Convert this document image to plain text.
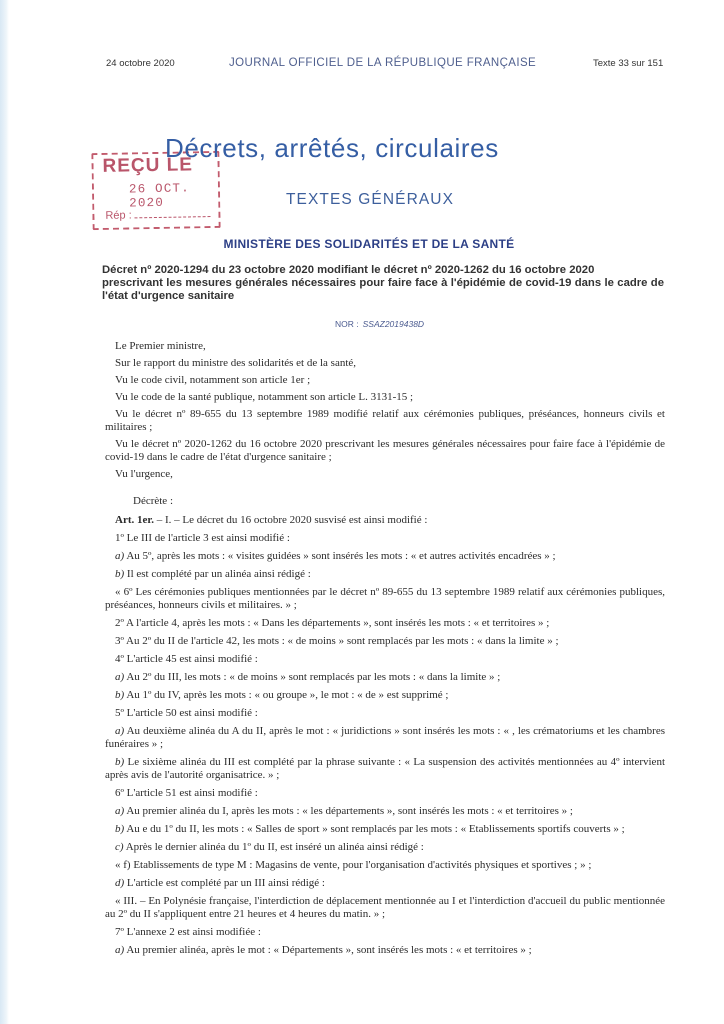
24 octobre 2020	JOURNAL OFFICIEL DE LA RÉPUBLIQUE FRANÇAISE	Texte 33 sur 151
REÇU LE
26 OCT. 2020
Rép :
Décrets, arrêtés, circulaires
TEXTES GÉNÉRAUX
MINISTÈRE DES SOLIDARITÉS ET DE LA SANTÉ
Décret nº 2020-1294 du 23 octobre 2020 modifiant le décret nº 2020-1262 du 16 octobre 2020
prescrivant les mesures générales nécessaires pour faire face à l'épidémie de covid-19 dans le cadre de l'état d'urgence sanitaire
NOR : SSAZ2019438D

Le Premier ministre,

Sur le rapport du ministre des solidarités et de la santé,

Vu le code civil, notamment son article 1er ;

Vu le code de la santé publique, notamment son article L. 3131-15 ;

Vu le décret nº 89-655 du 13 septembre 1989 modifié relatif aux cérémonies publiques, préséances, honneurs civils et militaires ;

Vu le décret nº 2020-1262 du 16 octobre 2020 prescrivant les mesures générales nécessaires pour faire face à l'épidémie de covid-19 dans le cadre de l'état d'urgence sanitaire ;

Vu l'urgence,

Décrète :

Art. 1er. – I. – Le décret du 16 octobre 2020 susvisé est ainsi modifié :

1º Le III de l'article 3 est ainsi modifié :

a) Au 5º, après les mots : « visites guidées » sont insérés les mots : « et autres activités encadrées » ;

b) Il est complété par un alinéa ainsi rédigé :

« 6º Les cérémonies publiques mentionnées par le décret nº 89-655 du 13 septembre 1989 relatif aux cérémonies publiques, préséances, honneurs civils et militaires. » ;

2º A l'article 4, après les mots : « Dans les départements », sont insérés les mots : « et territoires » ;

3º Au 2º du II de l'article 42, les mots : « de moins » sont remplacés par les mots : « dans la limite » ;

4º L'article 45 est ainsi modifié :

a) Au 2º du III, les mots : « de moins » sont remplacés par les mots : « dans la limite » ;

b) Au 1º du IV, après les mots : « ou groupe », le mot : « de » est supprimé ;

5º L'article 50 est ainsi modifié :

a) Au deuxième alinéa du A du II, après le mot : « juridictions » sont insérés les mots : « , les crématoriums et les chambres funéraires » ;

b) Le sixième alinéa du III est complété par la phrase suivante : « La suspension des activités mentionnées au 4º intervient après avis de l'autorité organisatrice. » ;

6º L'article 51 est ainsi modifié :

a) Au premier alinéa du I, après les mots : « les départements », sont insérés les mots : « et territoires » ;

b) Au e du 1º du II, les mots : « Salles de sport » sont remplacés par les mots : « Etablissements sportifs couverts » ;

c) Après le dernier alinéa du 1º du II, est inséré un alinéa ainsi rédigé :

« f) Etablissements de type M : Magasins de vente, pour l'organisation d'activités physiques et sportives ; » ;

d) L'article est complété par un III ainsi rédigé :

« III. – En Polynésie française, l'interdiction de déplacement mentionnée au I et l'interdiction d'accueil du public mentionnée au 2º du II s'appliquent entre 21 heures et 4 heures du matin. » ;

7º L'annexe 2 est ainsi modifiée :

a) Au premier alinéa, après le mot : « Départements », sont insérés les mots : « et territoires » ;
